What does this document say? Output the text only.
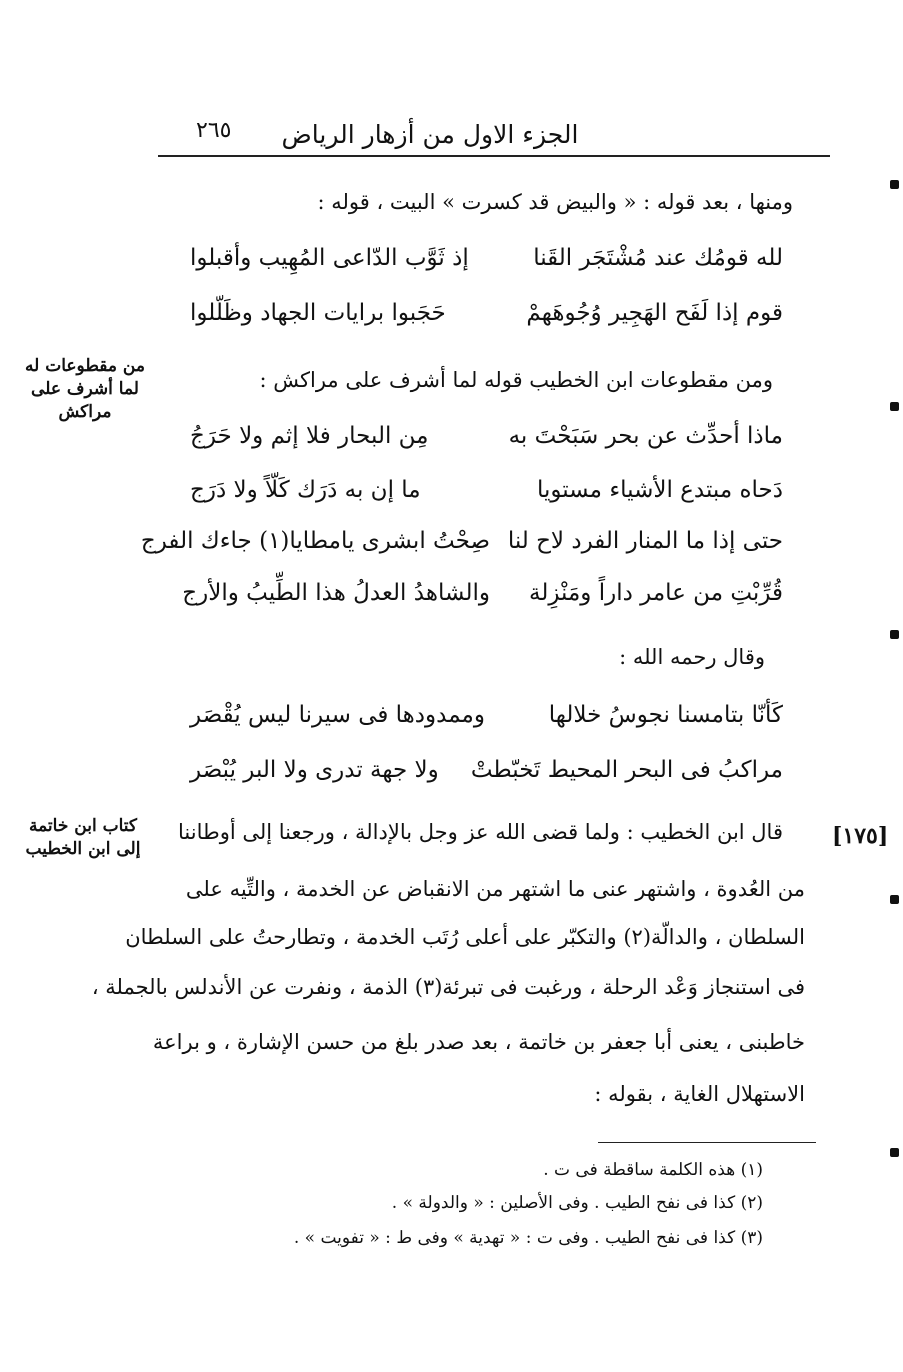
الجزء الاول من أزهار الرياض
٢٦٥
ومنها ، بعد قوله : « والبيض قد كسرت » البيت ، قوله :
لله قومُك عند مُشْتَجَر القَنا
إذ ثَوَّب الدّاعى المُهِيب وأقبلوا
قوم إذا لَفَح الهَجِير وُجُوهَهمْ
حَجَبوا برايات الجهاد وظَلّلوا
ومن مقطوعات ابن الخطيب قوله لما أشرف على مراكش :
من مقطوعات له لما أشرف على مراكش
ماذا أحدِّث عن بحر سَبَحْتَ به
مِن البحار فلا إثم ولا حَرَجُ
دَحاه مبتدع الأشياء مستويا
ما إن به دَرَك كَلّاً ولا دَرَج
حتى إذا ما المنار الفرد لاح لنا
صِحْتُ ابشرى يامطايا(١) جاءك الفرج
قُرِّبْتِ من عامر داراً ومَنْزِلة
والشاهدُ العدلُ هذا الطِّيبُ والأرج
وقال رحمه الله :
كَأنّا بتامسنا نجوسُ خلالها
وممدودها فى سيرنا ليس يُقْصَر
مراكبُ فى البحر المحيط تَخبّطتْ
ولا جهة تدرى ولا البر يُبْصَر
[١٧٥]
كتاب ابن خاتمة إلى ابن الخطيب
قال ابن الخطيب : ولما قضى الله عز وجل بالإدالة ، ورجعنا إلى أوطاننا
من العُدوة ، واشتهر عنى ما اشتهر من الانقباض عن الخدمة ، والتِّيه على
السلطان ، والدالّة(٢) والتكبّر على أعلى رُتَب الخدمة ، وتطارحتُ على السلطان
فى استنجاز وَعْد الرحلة ، ورغبت فى تبرئة(٣) الذمة ، ونفرت عن الأندلس بالجملة ،
خاطبنى ، يعنى أبا جعفر بن خاتمة ، بعد صدر بلغ من حسن الإشارة ، و براعة
الاستهلال الغاية ، بقوله :
(١) هذه الكلمة ساقطة فى ت .
(٢) كذا فى نفح الطيب . وفى الأصلين : « والدولة » .
(٣) كذا فى نفح الطيب . وفى ت : « تهدية » وفى ط : « تفويت » .
